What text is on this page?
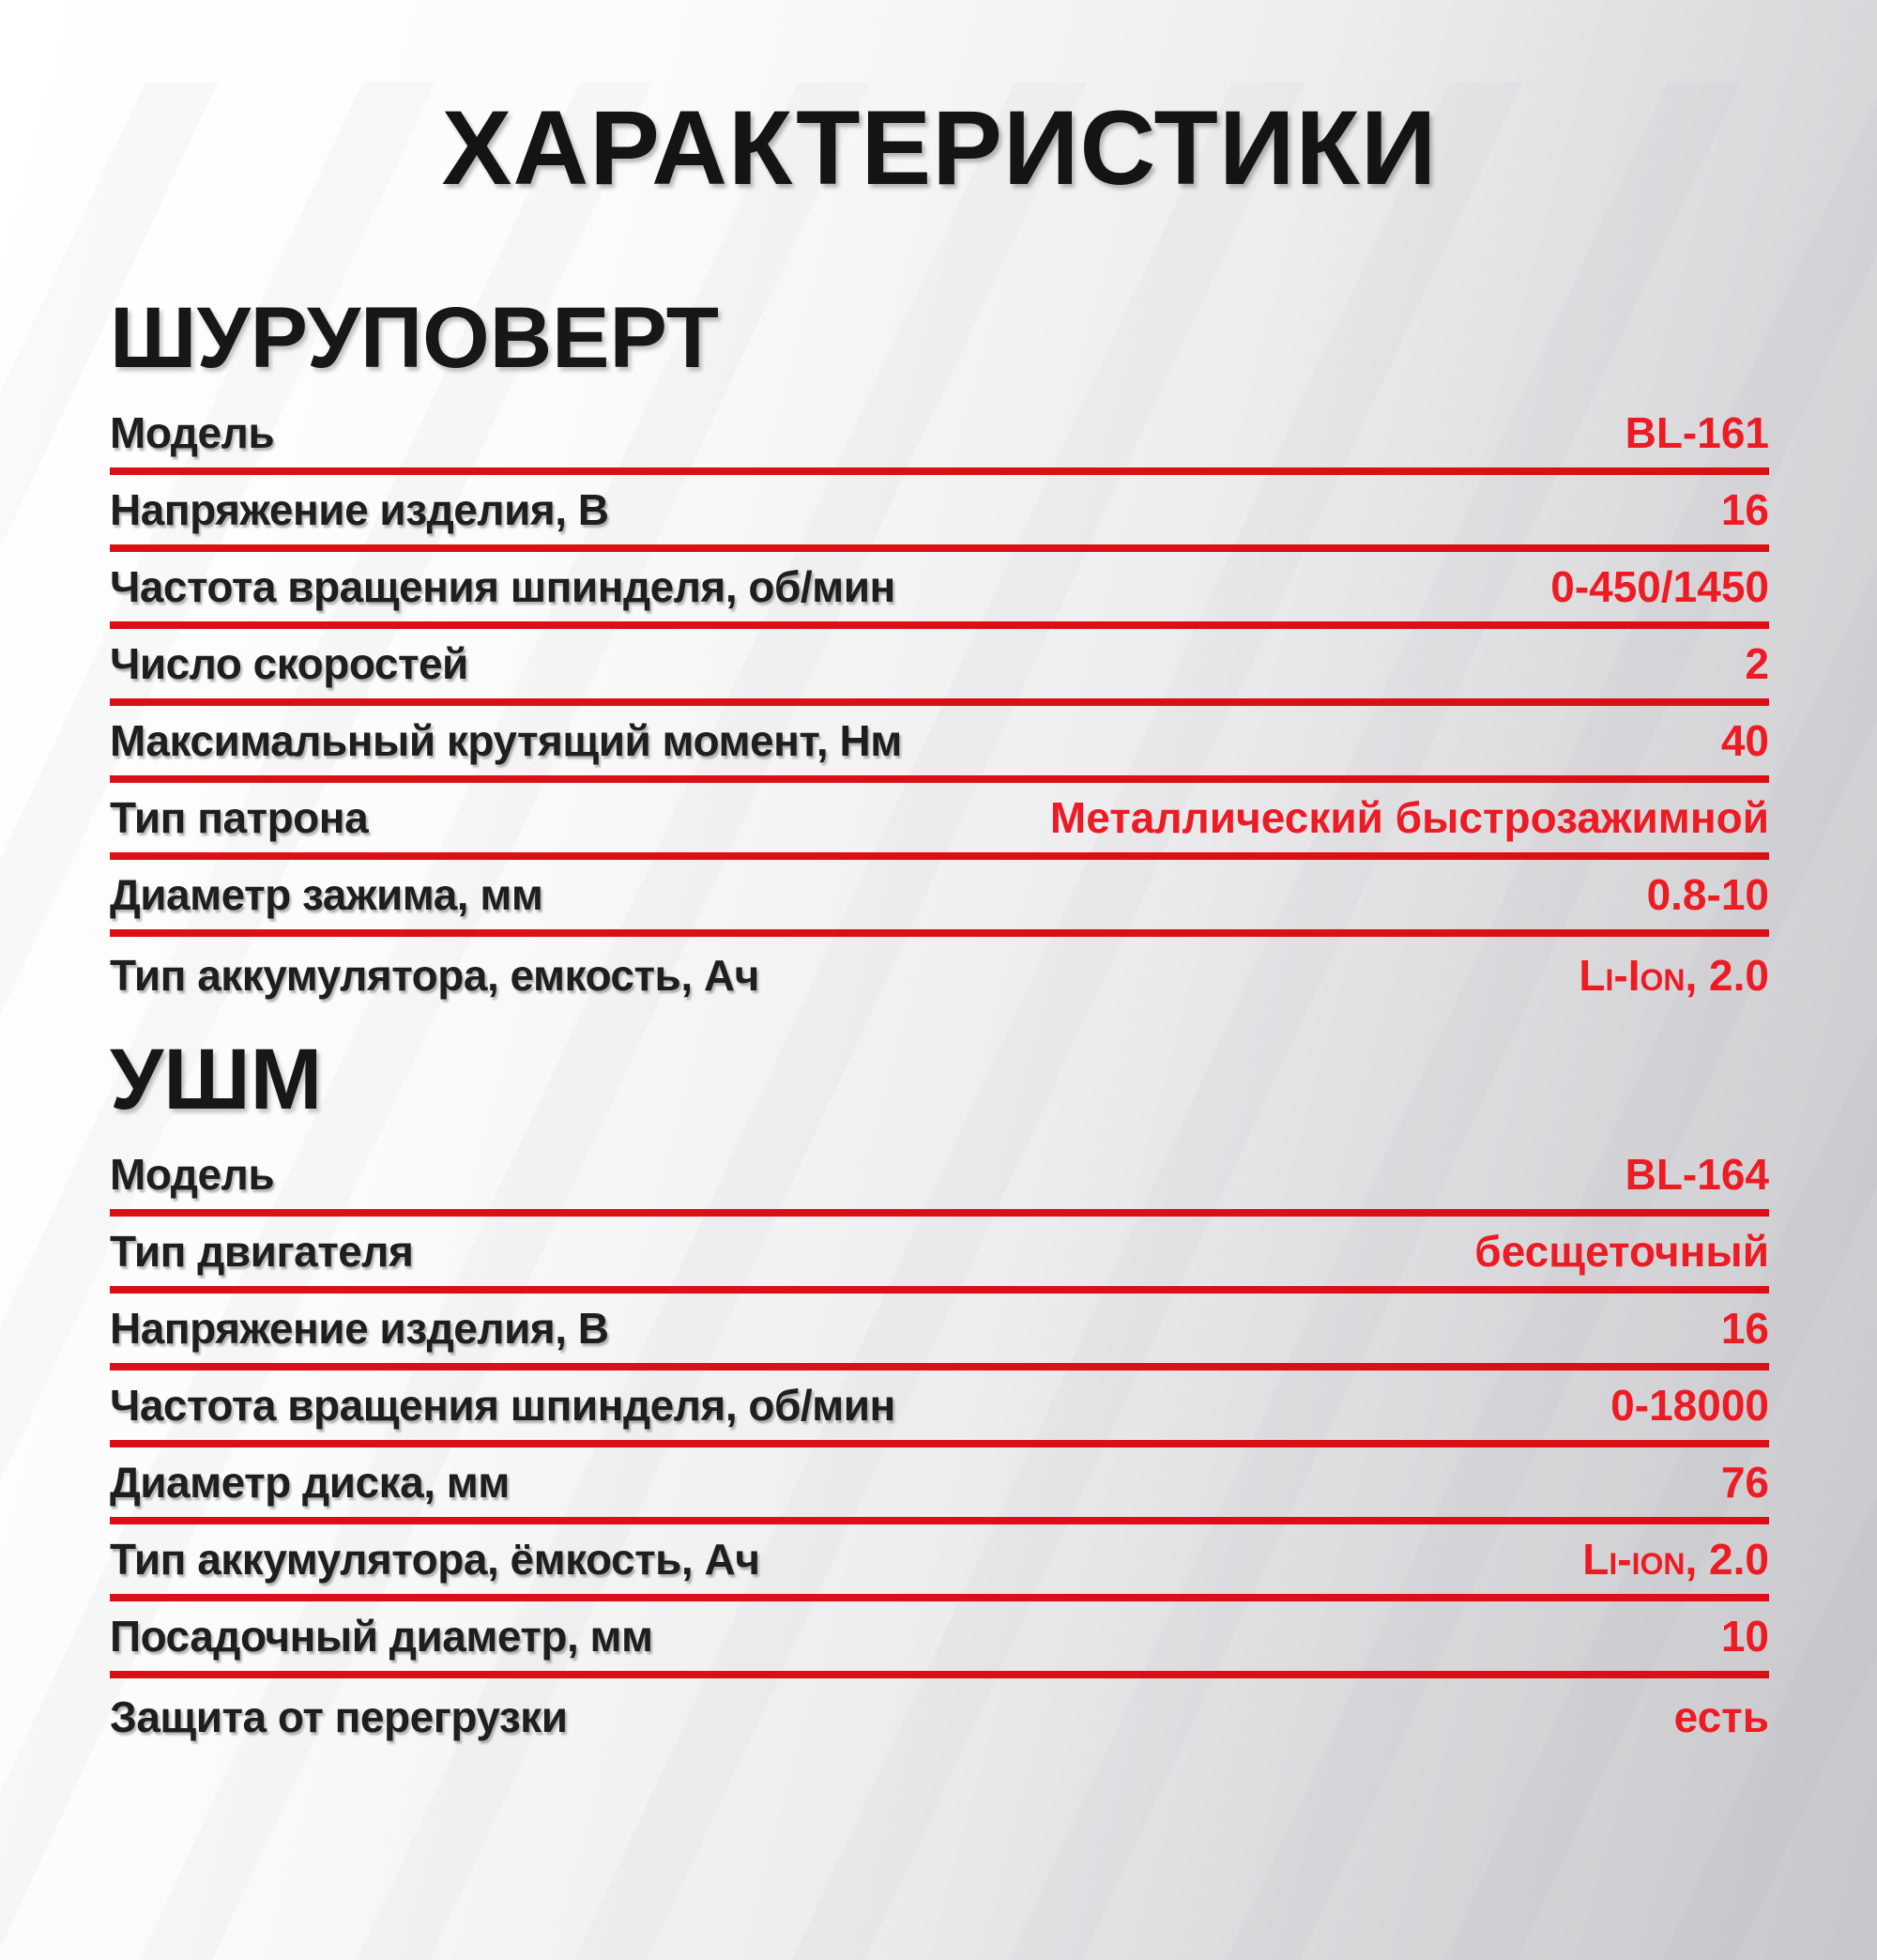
ХАРАКТЕРИСТИКИ
ШУРУПОВЕРТ
Модель	BL-161
Напряжение изделия, В	16
Частота вращения шпинделя, об/мин	0-450/1450
Число скоростей	2
Максимальный крутящий момент, Нм	40
Тип патрона	Металлический быстрозажимной
Диаметр зажима, мм	0.8-10
Тип аккумулятора, емкость, Ач	Li-Ion, 2.0
УШМ
Модель	BL-164
Тип двигателя	бесщеточный
Напряжение изделия, В	16
Частота вращения шпинделя, об/мин	0-18000
Диаметр диска, мм	76
Тип аккумулятора, ёмкость, Ач	Li-ion, 2.0
Посадочный диаметр, мм	10
Защита от перегрузки	есть
